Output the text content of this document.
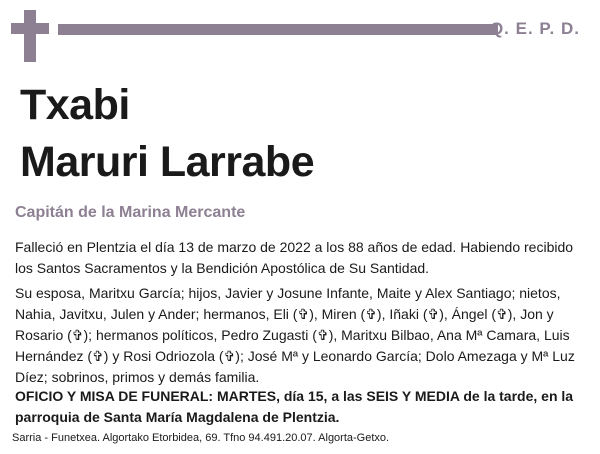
Q. E. P. D.
Txabi
Maruri Larrabe
Capitán de la Marina Mercante
Falleció en Plentzia el día 13 de marzo de 2022 a los 88 años de edad. Habiendo recibido los Santos Sacramentos y la Bendición Apostólica de Su Santidad.
Su esposa, Maritxu García; hijos, Javier y Josune Infante, Maite y Alex Santiago; nietos, Nahia, Javitxu, Julen y Ander; hermanos, Eli (✞), Miren (✞), Iñaki (✞), Ángel (✞), Jon y Rosario (✞); hermanos políticos, Pedro Zugasti (✞), Maritxu Bilbao, Ana Mª Camara, Luis Hernández (✞) y Rosi Odriozola (✞); José Mª y Leonardo García; Dolo Amezaga y Mª Luz Díez; sobrinos, primos y demás familia.
OFICIO Y MISA DE FUNERAL: MARTES, día 15, a las SEIS Y MEDIA de la tarde, en la parroquia de Santa María Magdalena de Plentzia.
Sarria - Funetxea. Algortako Etorbidea, 69. Tfno 94.491.20.07. Algorta-Getxo.
